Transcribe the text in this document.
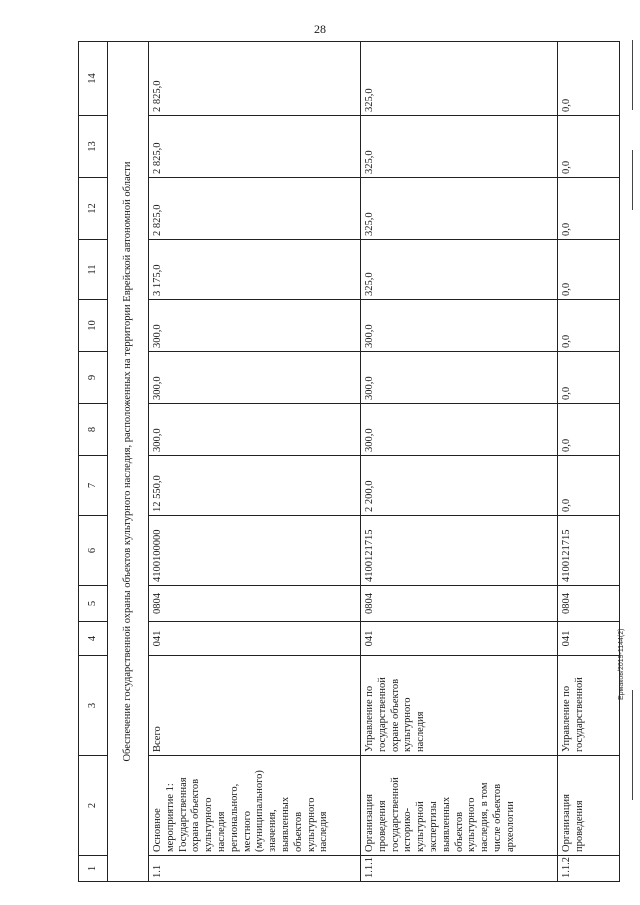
28
Ермаков/2019-1144(2)
1	2	3	4	5	6	7	8	9	10	11	12	13	14
Обеспечение государственной охраны объектов культурного наследия, расположенных на территории Еврейской автономной области													
1.1	Основное мероприятие 1: Государственная охрана объектов культурного наследия регионального, местного (муниципального) значения, выявленных объектов культурного наследия	Всего	041	0804	4100100000	12 550,0	300,0	300,0	300,0	3 175,0	2 825,0	2 825,0	2 825,0
1.1.1	Организация проведения государственной историко-культурной экспертизы выявленных объектов культурного наследия, в том числе объектов археологии	Управление по государственной охране объектов культурного наследия	041	0804	4100121715	2 200,0	300,0	300,0	300,0	325,0	325,0	325,0	325,0
1.1.2	Организация проведения	Управление по государственной	041	0804	4100121715	0,0	0,0	0,0	0,0	0,0	0,0	0,0	0,0
